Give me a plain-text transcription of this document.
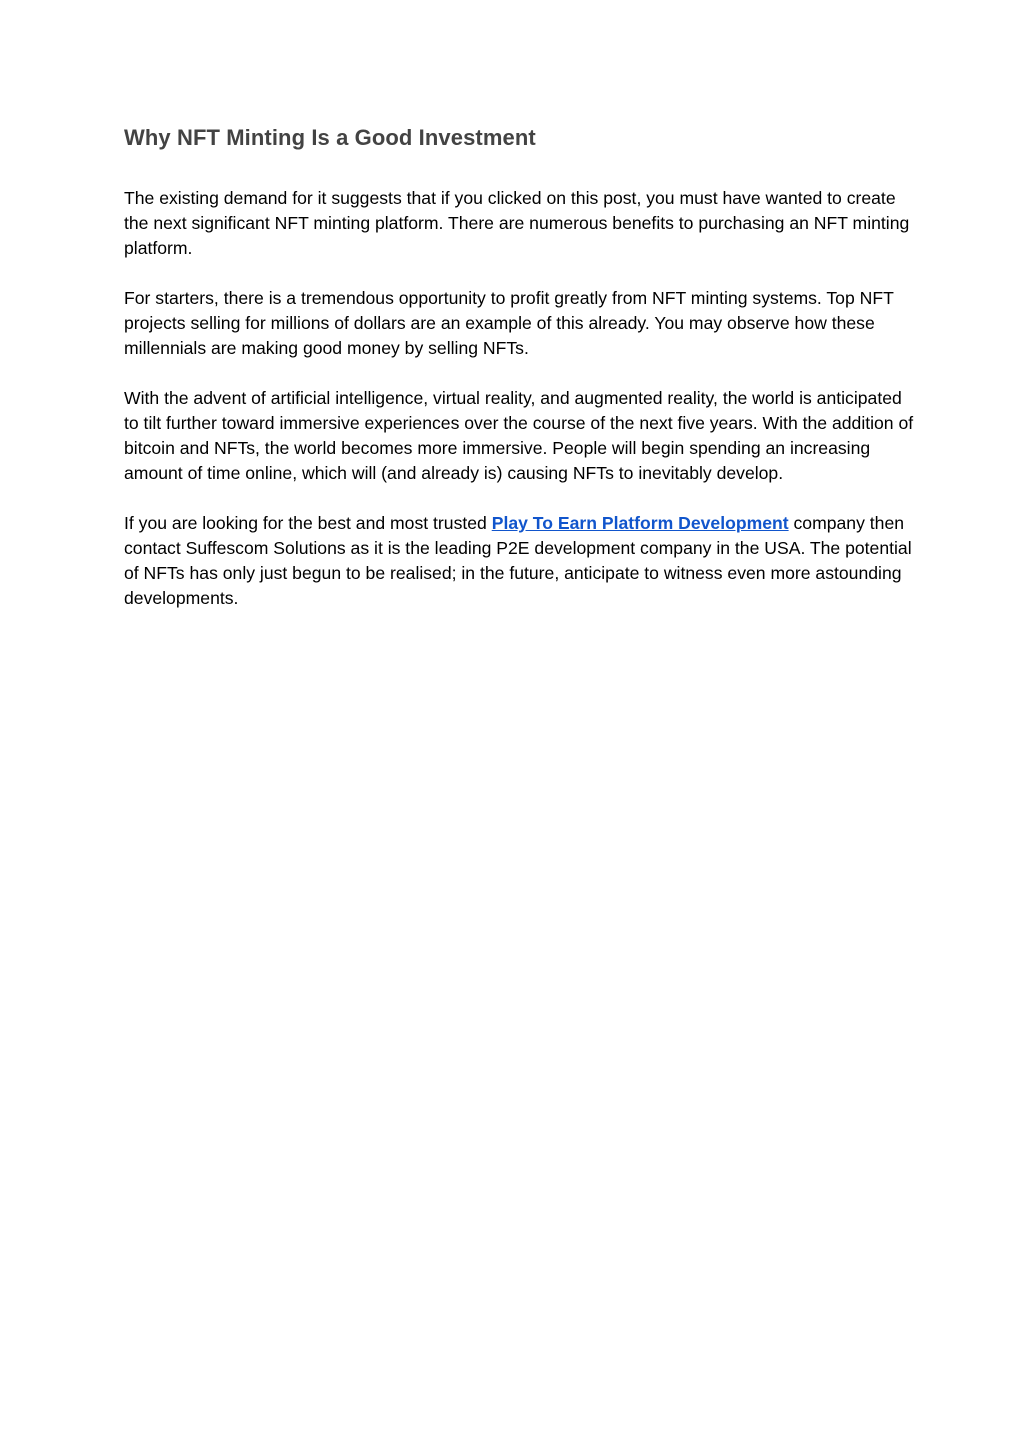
Why NFT Minting Is a Good Investment

The existing demand for it suggests that if you clicked on this post, you must have wanted to create the next significant NFT minting platform. There are numerous benefits to purchasing an NFT minting platform.

For starters, there is a tremendous opportunity to profit greatly from NFT minting systems. Top NFT projects selling for millions of dollars are an example of this already. You may observe how these millennials are making good money by selling NFTs.

With the advent of artificial intelligence, virtual reality, and augmented reality, the world is anticipated to tilt further toward immersive experiences over the course of the next five years. With the addition of bitcoin and NFTs, the world becomes more immersive. People will begin spending an increasing amount of time online, which will (and already is) causing NFTs to inevitably develop.

If you are looking for the best and most trusted Play To Earn Platform Development company then contact Suffescom Solutions as it is the leading P2E development company in the USA. The potential of NFTs has only just begun to be realised; in the future, anticipate to witness even more astounding developments.
